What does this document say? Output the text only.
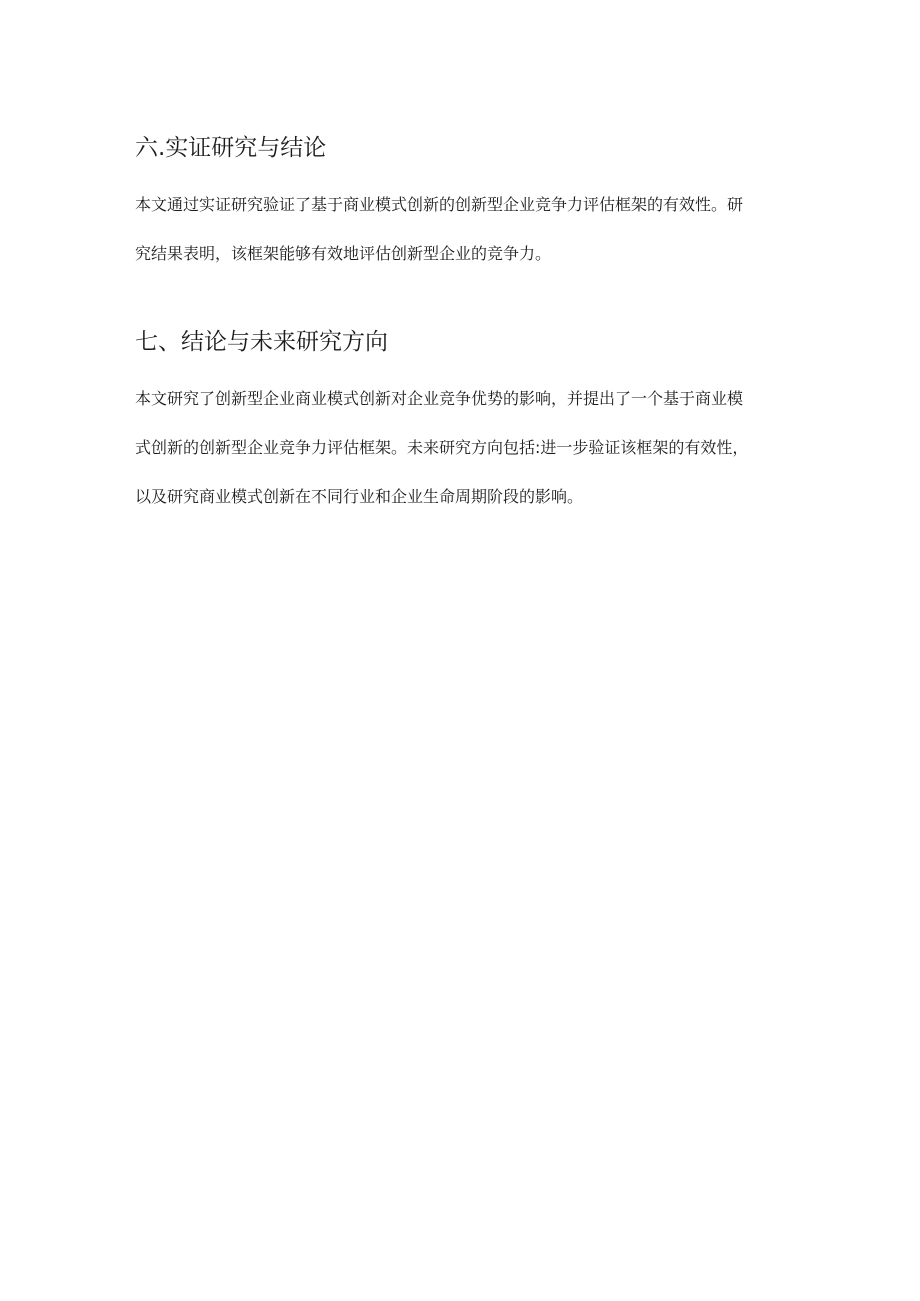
六.实证研究与结论

本文通过实证研究验证了基于商业模式创新的创新型企业竞争力评估框架的有效性。研
究结果表明，该框架能够有效地评估创新型企业的竞争力。

七、结论与未来研究方向

本文研究了创新型企业商业模式创新对企业竞争优势的影响，并提出了一个基于商业模
式创新的创新型企业竞争力评估框架。未来研究方向包括:进一步验证该框架的有效性，
以及研究商业模式创新在不同行业和企业生命周期阶段的影响。
